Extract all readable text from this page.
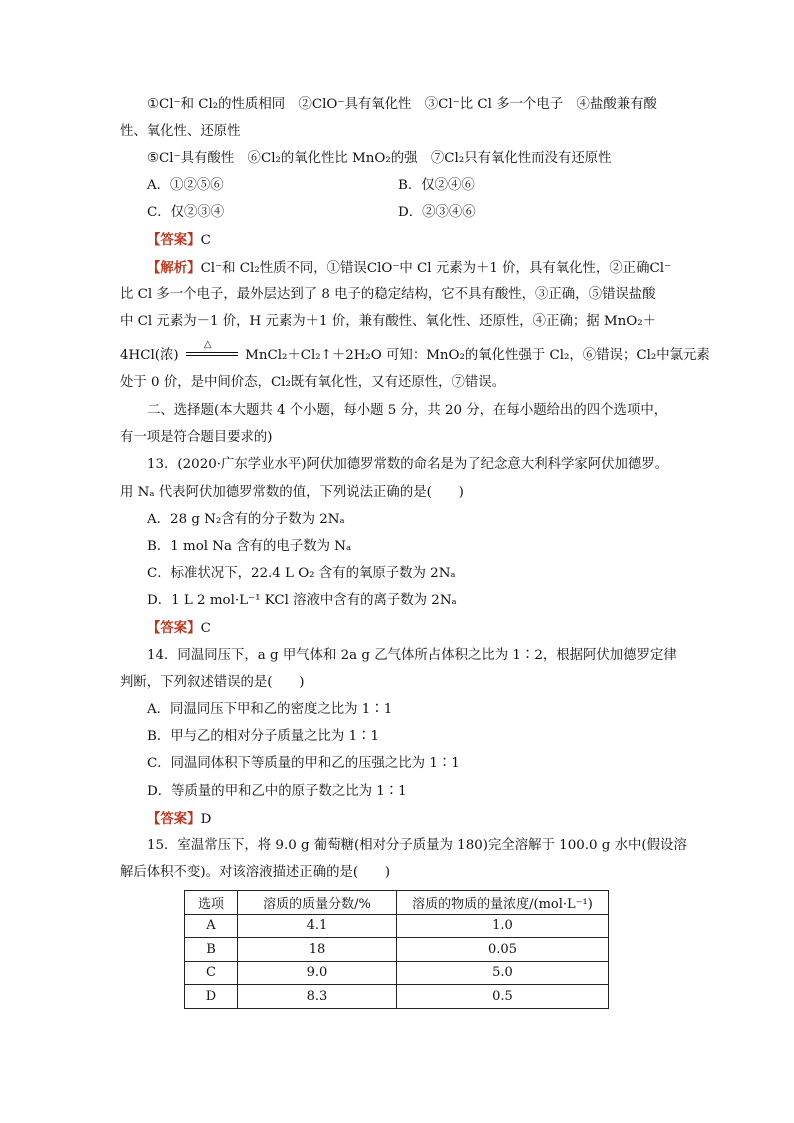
①Cl⁻和 Cl₂的性质相同　②ClO⁻具有氧化性　③Cl⁻比 Cl 多一个电子　④盐酸兼有酸
性、氧化性、还原性
⑤Cl⁻具有酸性　⑥Cl₂的氧化性比 MnO₂的强　⑦Cl₂只有氧化性而没有还原性
A．①②⑤⑥	B．仅②④⑥
C．仅②③④	D．②③④⑥
【答案】C
【解析】Cl⁻和 Cl₂性质不同，①错误ClO⁻中 Cl 元素为＋1 价，具有氧化性，②正确Cl⁻
比 Cl 多一个电子，最外层达到了 8 电子的稳定结构，它不具有酸性，③正确，⑤错误盐酸
中 Cl 元素为－1 价，H 元素为＋1 价，兼有酸性、氧化性、还原性，④正确；据 MnO₂＋
4HCl(浓)
△
MnCl₂＋Cl₂↑＋2H₂O 可知：MnO₂的氧化性强于 Cl₂，⑥错误；Cl₂中氯元素
处于 0 价，是中间价态，Cl₂既有氧化性，又有还原性，⑦错误。
二、选择题(本大题共 4 个小题，每小题 5 分，共 20 分，在每小题给出的四个选项中，
有一项是符合题目要求的)
13．(2020·广东学业水平)阿伏加德罗常数的命名是为了纪念意大利科学家阿伏加德罗。
用 Nₐ 代表阿伏加德罗常数的值，下列说法正确的是(　　)
A．28 g N₂含有的分子数为 2Nₐ
B．1 mol Na 含有的电子数为 Nₐ
C．标准状况下，22.4 L O₂ 含有的氧原子数为 2Nₐ
D．1 L 2 mol·L⁻¹ KCl 溶液中含有的离子数为 2Nₐ
【答案】C
14．同温同压下，a g 甲气体和 2a g 乙气体所占体积之比为 1∶2，根据阿伏加德罗定律
判断，下列叙述错误的是(　　)
A．同温同压下甲和乙的密度之比为 1∶1
B．甲与乙的相对分子质量之比为 1∶1
C．同温同体积下等质量的甲和乙的压强之比为 1∶1
D．等质量的甲和乙中的原子数之比为 1∶1
【答案】D
15．室温常压下，将 9.0 g 葡萄糖(相对分子质量为 180)完全溶解于 100.0 g 水中(假设溶
解后体积不变)。对该溶液描述正确的是(　　)
选项	溶质的质量分数/%	溶质的物质的量浓度/(mol·L⁻¹)
A	4.1	1.0
B	18	0.05
C	9.0	5.0
D	8.3	0.5
